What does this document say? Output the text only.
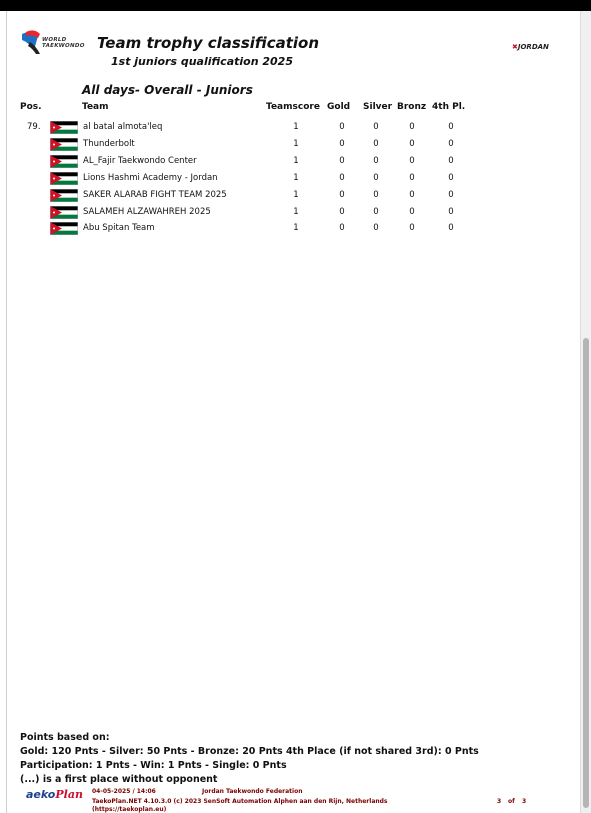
WORLD TAEKWONDO Team trophy classification
1st juniors qualification 2025
✖JORDAN
All days- Overall - Juniors
Pos.	Team	Teamscore Gold Silver Bronz 4th Pl.
79.	al batal almota'leq	1	0	0	0	0
Thunderbolt	1	0	0	0	0
AL_Fajir Taekwondo Center	1	0	0	0	0
Lions Hashmi Academy - Jordan	1	0	0	0	0
SAKER ALARAB FIGHT TEAM 2025	1	0	0	0	0
SALAMEH ALZAWAHREH 2025	1	0	0	0	0
Abu Spitan Team	1	0	0	0	0
Points based on:
Gold: 120 Pnts - Silver: 50 Pnts - Bronze: 20 Pnts 4th Place (if not shared 3rd): 0 Pnts
Participation: 1 Pnts - Win: 1 Pnts - Single: 0 Pnts
(...) is a first place without opponent
aekoPlan 04-05-2025 / 14:06	Jordan Taekwondo Federation
TaekoPlan.NET 4.10.3.0 (c) 2023 SenSoft Automation Alphen aan den Rijn, Netherlands
(https://taekoplan.eu)
3 of 3
